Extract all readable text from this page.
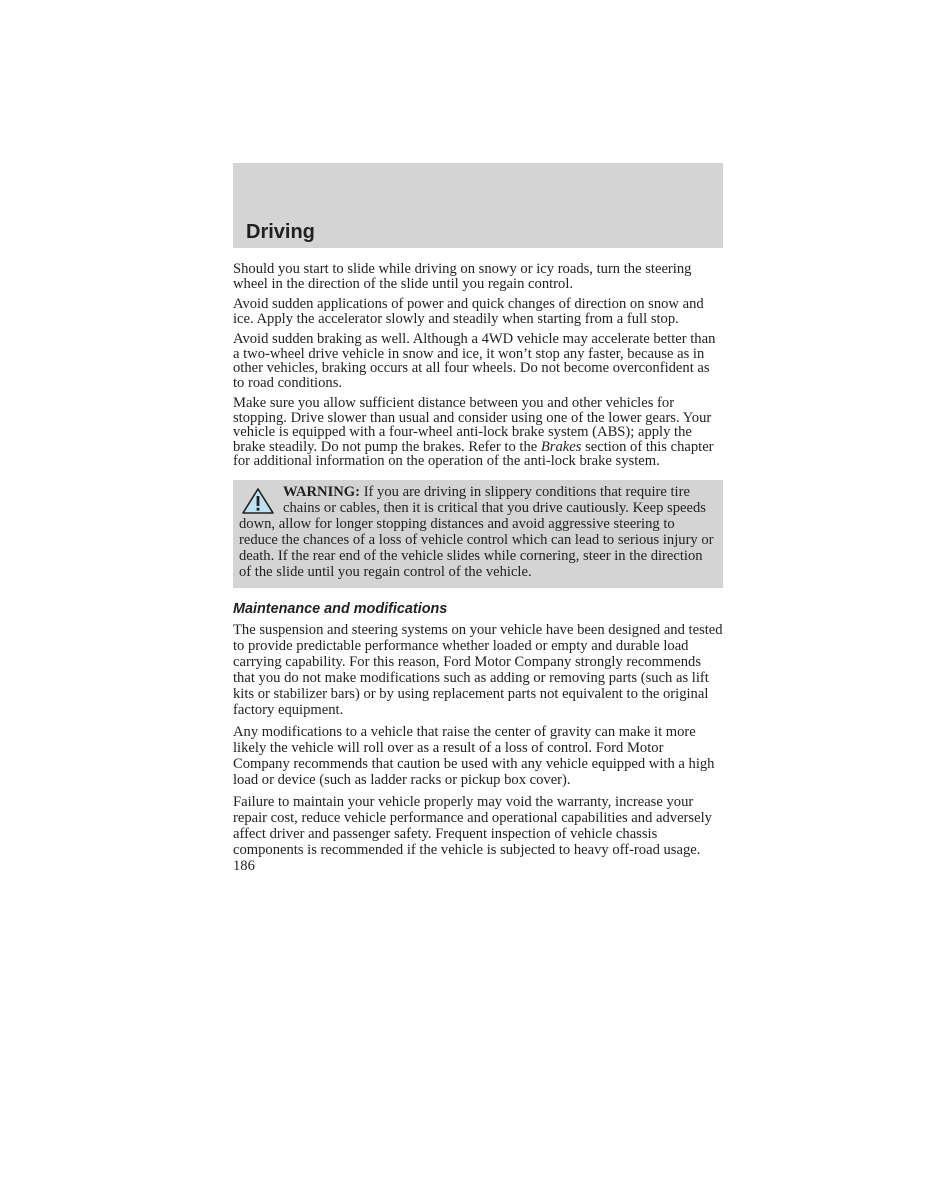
Driving

Should you start to slide while driving on snowy or icy roads, turn the steering wheel in the direction of the slide until you regain control.

Avoid sudden applications of power and quick changes of direction on snow and ice. Apply the accelerator slowly and steadily when starting from a full stop.

Avoid sudden braking as well. Although a 4WD vehicle may accelerate better than a two-wheel drive vehicle in snow and ice, it won’t stop any faster, because as in other vehicles, braking occurs at all four wheels. Do not become overconfident as to road conditions.

Make sure you allow sufficient distance between you and other vehicles for stopping. Drive slower than usual and consider using one of the lower gears. Your vehicle is equipped with a four-wheel anti-lock brake system (ABS); apply the brake steadily. Do not pump the brakes. Refer to the Brakes section of this chapter for additional information on the operation of the anti-lock brake system.

WARNING: If you are driving in slippery conditions that require tire chains or cables, then it is critical that you drive cautiously. Keep speeds down, allow for longer stopping distances and avoid aggressive steering to reduce the chances of a loss of vehicle control which can lead to serious injury or death. If the rear end of the vehicle slides while cornering, steer in the direction of the slide until you regain control of the vehicle.

Maintenance and modifications

The suspension and steering systems on your vehicle have been designed and tested to provide predictable performance whether loaded or empty and durable load carrying capability. For this reason, Ford Motor Company strongly recommends that you do not make modifications such as adding or removing parts (such as lift kits or stabilizer bars) or by using replacement parts not equivalent to the original factory equipment.

Any modifications to a vehicle that raise the center of gravity can make it more likely the vehicle will roll over as a result of a loss of control. Ford Motor Company recommends that caution be used with any vehicle equipped with a high load or device (such as ladder racks or pickup box cover).

Failure to maintain your vehicle properly may void the warranty, increase your repair cost, reduce vehicle performance and operational capabilities and adversely affect driver and passenger safety. Frequent inspection of vehicle chassis components is recommended if the vehicle is subjected to heavy off-road usage.

186
